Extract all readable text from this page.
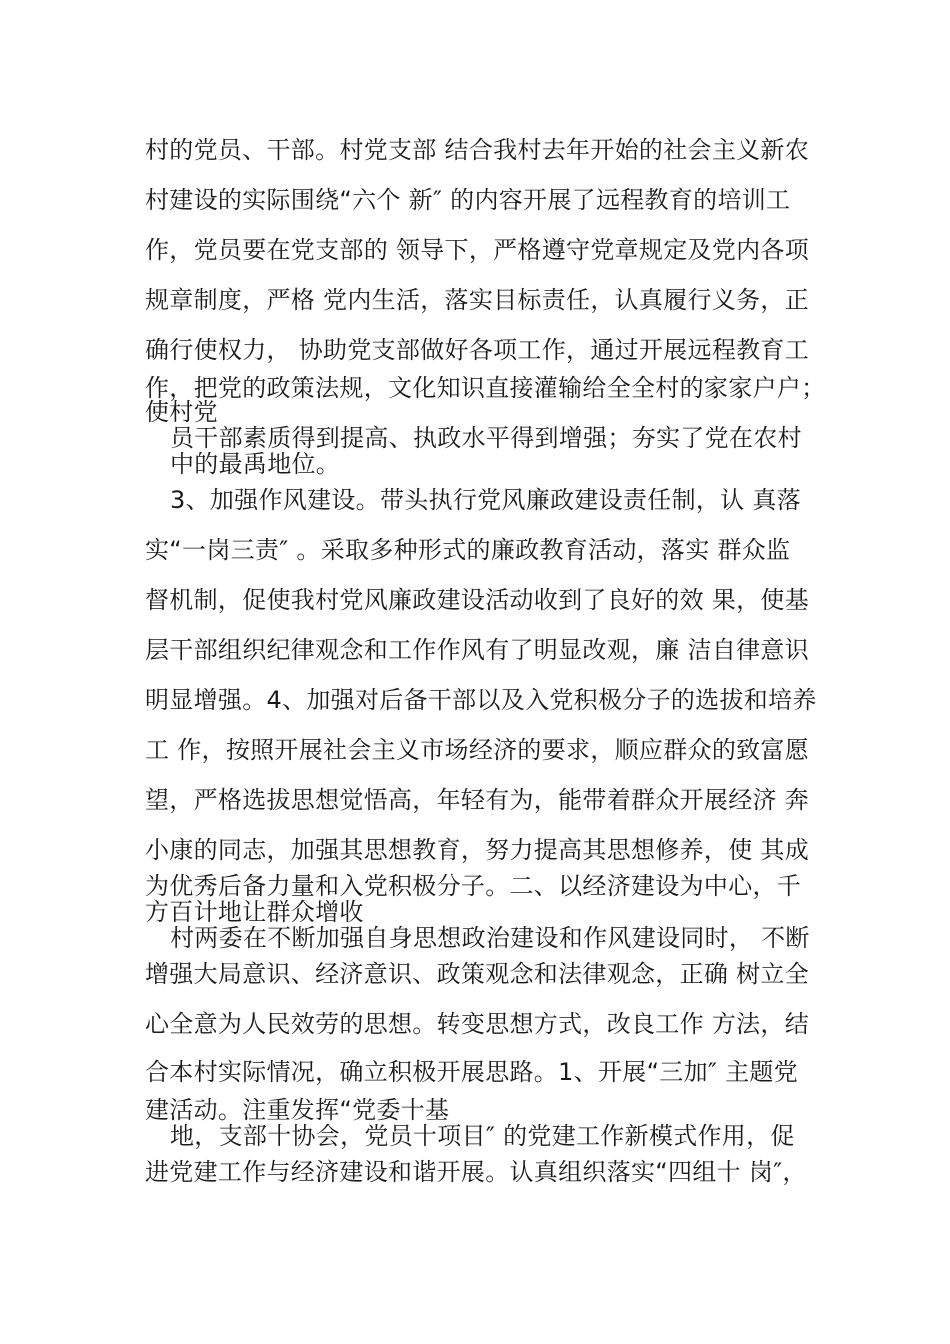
村的党员、干部。村党支部 结合我村去年开始的社会主义新农
村建设的实际围绕“六个 新″ 的内容开展了远程教育的培训工
作，党员要在党支部的 领导下，严格遵守党章规定及党内各项
规章制度，严格 党内生活，落实目标责任，认真履行义务，正
确行使权力， 协助党支部做好各项工作，通过开展远程教育工
作，把党的政策法规，文化知识直接灌输给全全村的家家户户；
使村党
员干部素质得到提高、执政水平得到增强；夯实了党在农村
中的最禹地位。
3、加强作风建设。带头执行党风廉政建设责任制，认 真落
实“一岗三责″ 。采取多种形式的廉政教育活动，落实 群众监
督机制，促使我村党风廉政建设活动收到了良好的效 果，使基
层干部组织纪律观念和工作作风有了明显改观，廉 洁自律意识
明显增强。4、加强对后备干部以及入党积极分子的选拔和培养
工 作，按照开展社会主义市场经济的要求，顺应群众的致富愿
望，严格选拔思想觉悟高，年轻有为，能带着群众开展经济 奔
小康的同志，加强其思想教育，努力提高其思想修养，使 其成
为优秀后备力量和入党积极分子。二、以经济建设为中心，千
方百计地让群众增收
村两委在不断加强自身思想政治建设和作风建设同时， 不断
增强大局意识、经济意识、政策观念和法律观念，正确 树立全
心全意为人民效劳的思想。转变思想方式，改良工作 方法，结
合本村实际情况，确立积极开展思路。1、开展“三加″ 主题党
建活动。注重发挥“党委十基
地，支部十协会，党员十项目″ 的党建工作新模式作用，促
进党建工作与经济建设和谐开展。认真组织落实“四组十 岗″，
